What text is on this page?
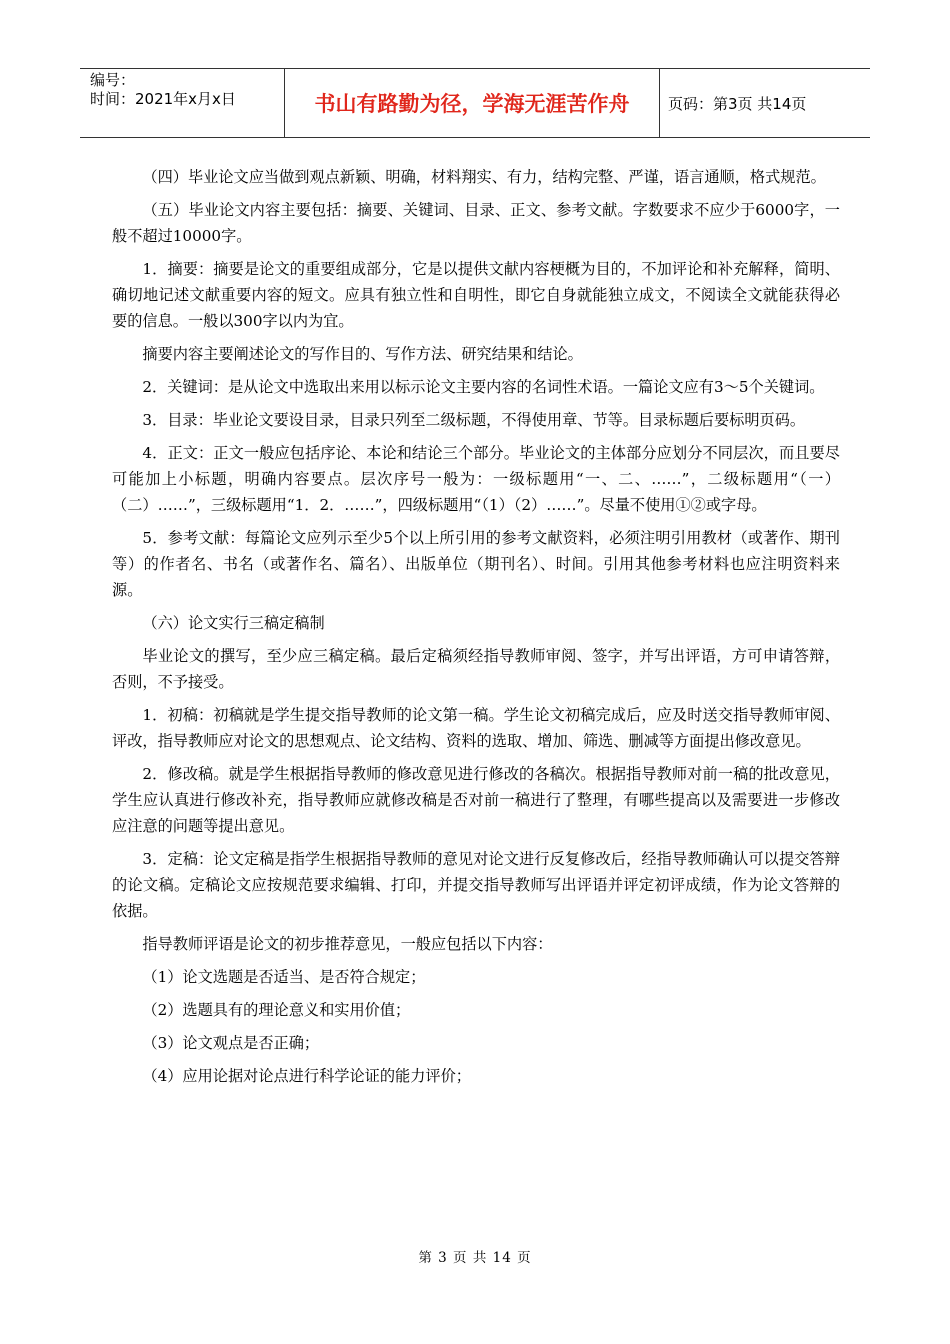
编号：
时间：2021年x月x日	书山有路勤为径，学海无涯苦作舟	页码：第3页 共14页

（四）毕业论文应当做到观点新颖、明确，材料翔实、有力，结构完整、严谨，语言通顺，格式规范。

（五）毕业论文内容主要包括：摘要、关键词、目录、正文、参考文献。字数要求不应少于6000字，一般不超过10000字。

1．摘要：摘要是论文的重要组成部分，它是以提供文献内容梗概为目的，不加评论和补充解释，简明、确切地记述文献重要内容的短文。应具有独立性和自明性，即它自身就能独立成文，不阅读全文就能获得必要的信息。一般以300字以内为宜。

摘要内容主要阐述论文的写作目的、写作方法、研究结果和结论。

2．关键词：是从论文中选取出来用以标示论文主要内容的名词性术语。一篇论文应有3～5个关键词。

3．目录：毕业论文要设目录，目录只列至二级标题，不得使用章、节等。目录标题后要标明页码。

4．正文：正文一般应包括序论、本论和结论三个部分。毕业论文的主体部分应划分不同层次，而且要尽可能加上小标题，明确内容要点。层次序号一般为：一级标题用“一、二、……”，二级标题用“（一）（二）……”，三级标题用“1．2．……”，四级标题用“（1）（2）……”。尽量不使用①②或字母。

5．参考文献：每篇论文应列示至少5个以上所引用的参考文献资料，必须注明引用教材（或著作、期刊等）的作者名、书名（或著作名、篇名）、出版单位（期刊名）、时间。引用其他参考材料也应注明资料来源。

（六）论文实行三稿定稿制

毕业论文的撰写，至少应三稿定稿。最后定稿须经指导教师审阅、签字，并写出评语，方可申请答辩，否则，不予接受。

1．初稿：初稿就是学生提交指导教师的论文第一稿。学生论文初稿完成后，应及时送交指导教师审阅、评改，指导教师应对论文的思想观点、论文结构、资料的选取、增加、筛选、删减等方面提出修改意见。

2．修改稿。就是学生根据指导教师的修改意见进行修改的各稿次。根据指导教师对前一稿的批改意见，学生应认真进行修改补充，指导教师应就修改稿是否对前一稿进行了整理，有哪些提高以及需要进一步修改应注意的问题等提出意见。

3．定稿：论文定稿是指学生根据指导教师的意见对论文进行反复修改后，经指导教师确认可以提交答辩的论文稿。定稿论文应按规范要求编辑、打印，并提交指导教师写出评语并评定初评成绩，作为论文答辩的依据。

指导教师评语是论文的初步推荐意见，一般应包括以下内容：

（1）论文选题是否适当、是否符合规定；

（2）选题具有的理论意义和实用价值；

（3）论文观点是否正确；

（4）应用论据对论点进行科学论证的能力评价；

第 3 页 共 14 页
